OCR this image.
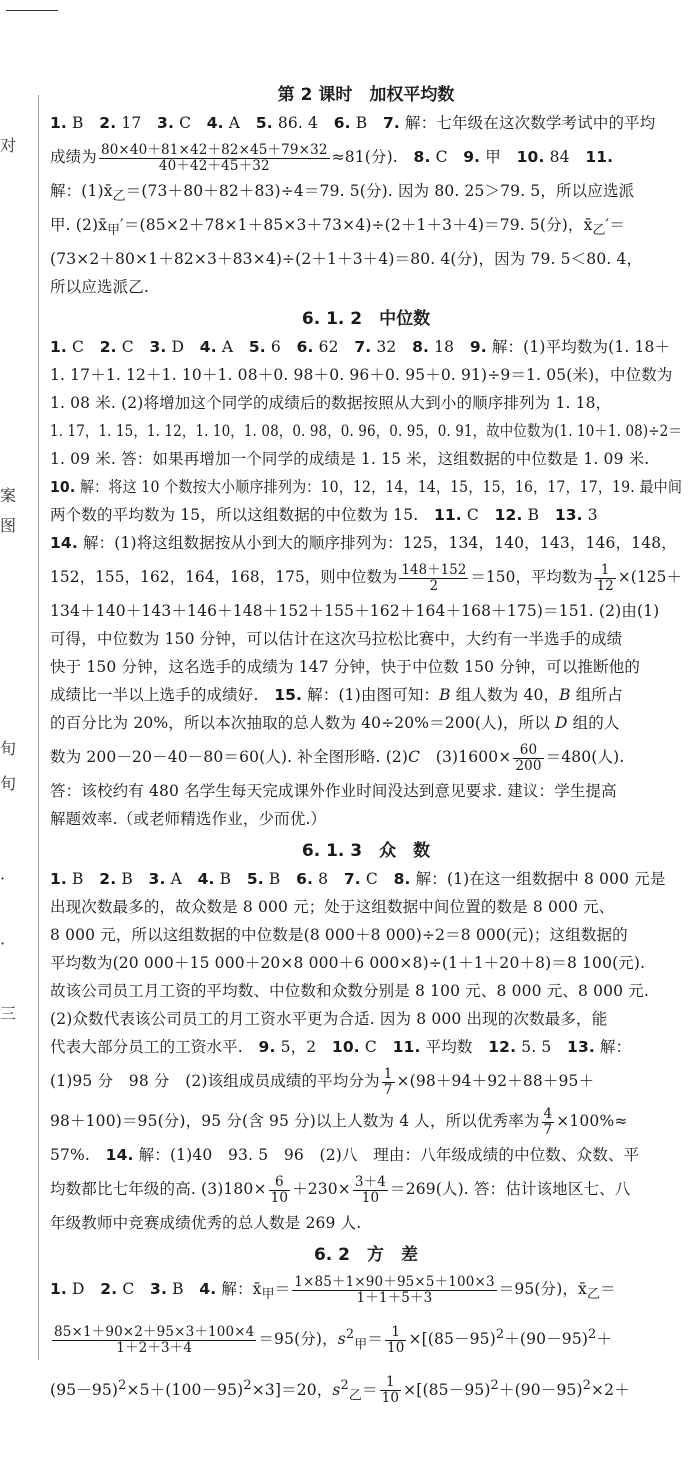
对
案
图
旬
旬
·
·
三
第 2 课时　加权平均数
1. B　2. 17　3. C　4. A　5. 86. 4　6. B　7. 解：七年级在这次数学考试中的平均
成绩为 $\frac{80\times 40+81\times 42+82\times 45+79\times 32}{40+42+45+32} \approx 81$(分).　8. C　9. 甲　10. 84　11.
解：$(1)x̄_乙=(73+80+82+83)\div 4=79$. 5(分). 因为 80. 25＞79. 5，所以应选派
甲. $(2)x̄_甲'=(85\times 2+78\times 1+85\times 3+73\times 4)\div(2+1+3+4)=79$. 5(分)，$x̄_乙'=$
(73×2＋80×1＋82×3＋83×4)÷(2＋1＋3＋4)＝80. 4(分)，因为 79. 5＜80. 4，
所以应选派乙.
6. 1. 2　中位数
1. C　2. C　3. D　4. A　5. 6　6. 62　7. 32　8. 18　9. 解：(1)平均数为(1. 18＋
1. 17＋1. 12＋1. 10＋1. 08＋0. 98＋0. 96＋0. 95＋0. 91)÷9＝1. 05(米)，中位数为
1. 08 米. (2)将增加这个同学的成绩后的数据按照从大到小的顺序排列为 1. 18，
1. 17，1. 15，1. 12，1. 10，1. 08，0. 98，0. 96，0. 95，0. 91，故中位数为(1. 10＋1. 08)÷2＝
1. 09 米. 答：如果再增加一个同学的成绩是 1. 15 米，这组数据的中位数是 1. 09 米.
10. 解：将这 10 个数按大小顺序排列为：10，12，14，14，15，15，16，17，17，19. 最中间
两个数的平均数为 15，所以这组数据的中位数为 15.　11. C　12. B　13. 3
14. 解：(1)将这组数据按从小到大的顺序排列为：125，134，140，143，146，148，
152，155，162，164，168，175，则中位数为 $\frac{148+152}{2} =150$，平均数为 $\frac{1}{12} \times(125+$
134＋140＋143＋146＋148＋152＋155＋162＋164＋168＋175)＝151. (2)由(1)
可得，中位数为 150 分钟，可以估计在这次马拉松比赛中，大约有一半选手的成绩
快于 150 分钟，这名选手的成绩为 147 分钟，快于中位数 150 分钟，可以推断他的
成绩比一半以上选手的成绩好.　15. 解：(1)由图可知：B 组人数为 40，B 组所占
的百分比为 20%，所以本次抽取的总人数为 40÷20%＝200(人)，所以 D 组的人
数为 200－20－40－80＝60(人). 补全图形略. (2)C　$(3)1600\times \frac{60}{200} =480$(人).
答：该校约有 480 名学生每天完成课外作业时间没达到意见要求. 建议：学生提高
解题效率.（或老师精选作业，少而优.）
6. 1. 3　众　数
1. B　2. B　3. A　4. B　5. B　6. 8　7. C　8. 解：(1)在这一组数据中 8 000 元是
出现次数最多的，故众数是 8 000 元；处于这组数据中间位置的数是 8 000 元、
8 000 元，所以这组数据的中位数是(8 000＋8 000)÷2＝8 000(元)；这组数据的
平均数为(20 000＋15 000＋20×8 000＋6 000×8)÷(1＋1＋20＋8)＝8 100(元).
故该公司员工月工资的平均数、中位数和众数分别是 8 100 元、8 000 元、8 000 元.
(2)众数代表该公司员工的月工资水平更为合适. 因为 8 000 出现的次数最多，能
代表大部分员工的工资水平.　9. 5，2　10. C　11. 平均数　12. 5. 5　13. 解：
(1)95 分　98 分　(2)该组成员成绩的平均分为 $\frac{1}{7} \times(98+94+92+88+95+$
98＋100)＝95(分)，95 分(含 95 分)以上人数为 4 人，所以优秀率为 $\frac{4}{7} \times 100\%\approx$
57%.　14. 解：(1)40　93. 5　96　(2)八　理由：八年级成绩的中位数、众数、平
均数都比七年级的高. $(3)180\times \frac{6}{10} +230\times \frac{3+4}{10} =269$(人). 答：估计该地区七、八
年级教师中竞赛成绩优秀的总人数是 269 人.
6. 2　方　差
1. D　2. C　3. B　4. 解：$x̄_甲= \frac{1\times 85+1\times 90+95\times 5+100\times 3}{1+1+5+3} =95$(分)，$x̄_乙=$
$\frac{85\times 1+90\times 2+95\times 3+100\times 4}{1+2+3+4} =95$(分)，$s^2_甲= \frac{1}{10} \times[(85-95)^2+(90-95)^2+$
$(95-95)^2\times 5+(100-95)^2\times 3]=20$，$s^2_乙= \frac{1}{10} \times[(85-95)^2+(90-95)^2\times 2+$
